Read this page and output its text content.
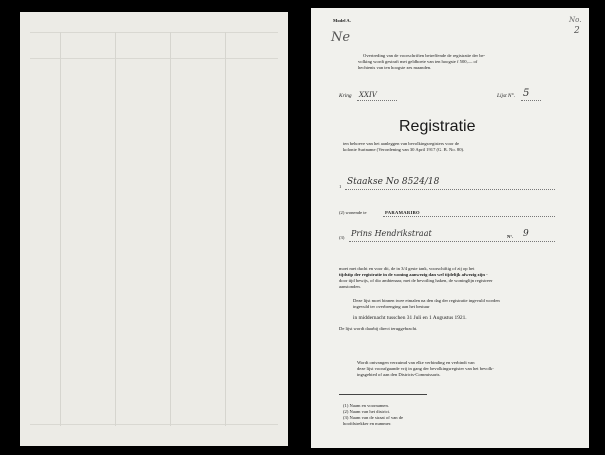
Model A.
Ne
No.
2
Overtreding van de voorschriften betreffende de registratie der be-
volking wordt gestraft met geldboete van ten hoogste f 500,— of
hechtenis van ten hoogste zes maanden.
Kring XXIV	Lijst N°. 5
Registratie
ten behoeve van het aanleggen van bevolkingsregisters voor de
kolonie Suriname (Verordening van 30 April 1917 (G. B. No. 80).
1 Staakse No 8524/18
(2) wonende te	PARAMARIBO
(3) Prins Hendrikstraat	N°. 9
moet met ducht en voor dit, de in 3/4 geste tank, voorschiftig of zij op het
tijdstip der registratie in de woning aanwezig dan wel tijdelijk afwezig zijn -
door tijd bewijs, of dio ambtenaar, met de bevoiling haken, de woninglijn registreer
aanstonden.
Deze lijst moet binnen twee etmalen na den dag der registratie ingevuld worden
ingevuld ter overbrenging aan het bestuur
in middernacht tusschen 31 Juli en 1 Augustus 1921.
De lijst wordt daarbij direct teruggebracht.
Wordt ontvangen verzuimd van elke verbinding en verbindt van
deze lijst voorafgaande vrij in gang der bevolkingsregister van het bevolk-
ingsgebied of aan den Districts-Commissaris.
(1) Naam en voornamen.
(2) Naam van het district.
(3) Naam van de straat of van de
hoofdstrekker en nummer.
